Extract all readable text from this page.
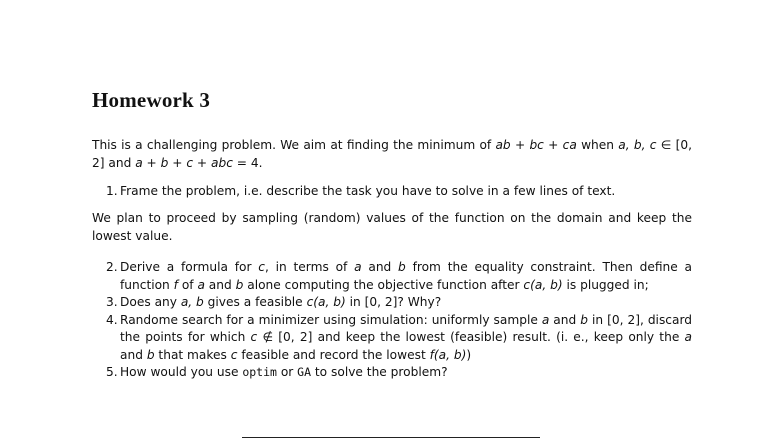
Homework 3

This is a challenging problem. We aim at finding the minimum of ab + bc + ca when a, b, c ∈ [0, 2] and a + b + c + abc = 4.

1. Frame the problem, i.e. describe the task you have to solve in a few lines of text.

We plan to proceed by sampling (random) values of the function on the domain and keep the lowest value.

2. Derive a formula for c, in terms of a and b from the equality constraint. Then define a function f of a and b alone computing the objective function after c(a, b) is plugged in;
3. Does any a, b gives a feasible c(a, b) in [0, 2]? Why?
4. Randome search for a minimizer using simulation: uniformly sample a and b in [0, 2], discard the points for which c ∉ [0, 2] and keep the lowest (feasible) result. (i. e., keep only the a and b that makes c feasible and record the lowest f(a, b))
5. How would you use optim or GA to solve the problem?
